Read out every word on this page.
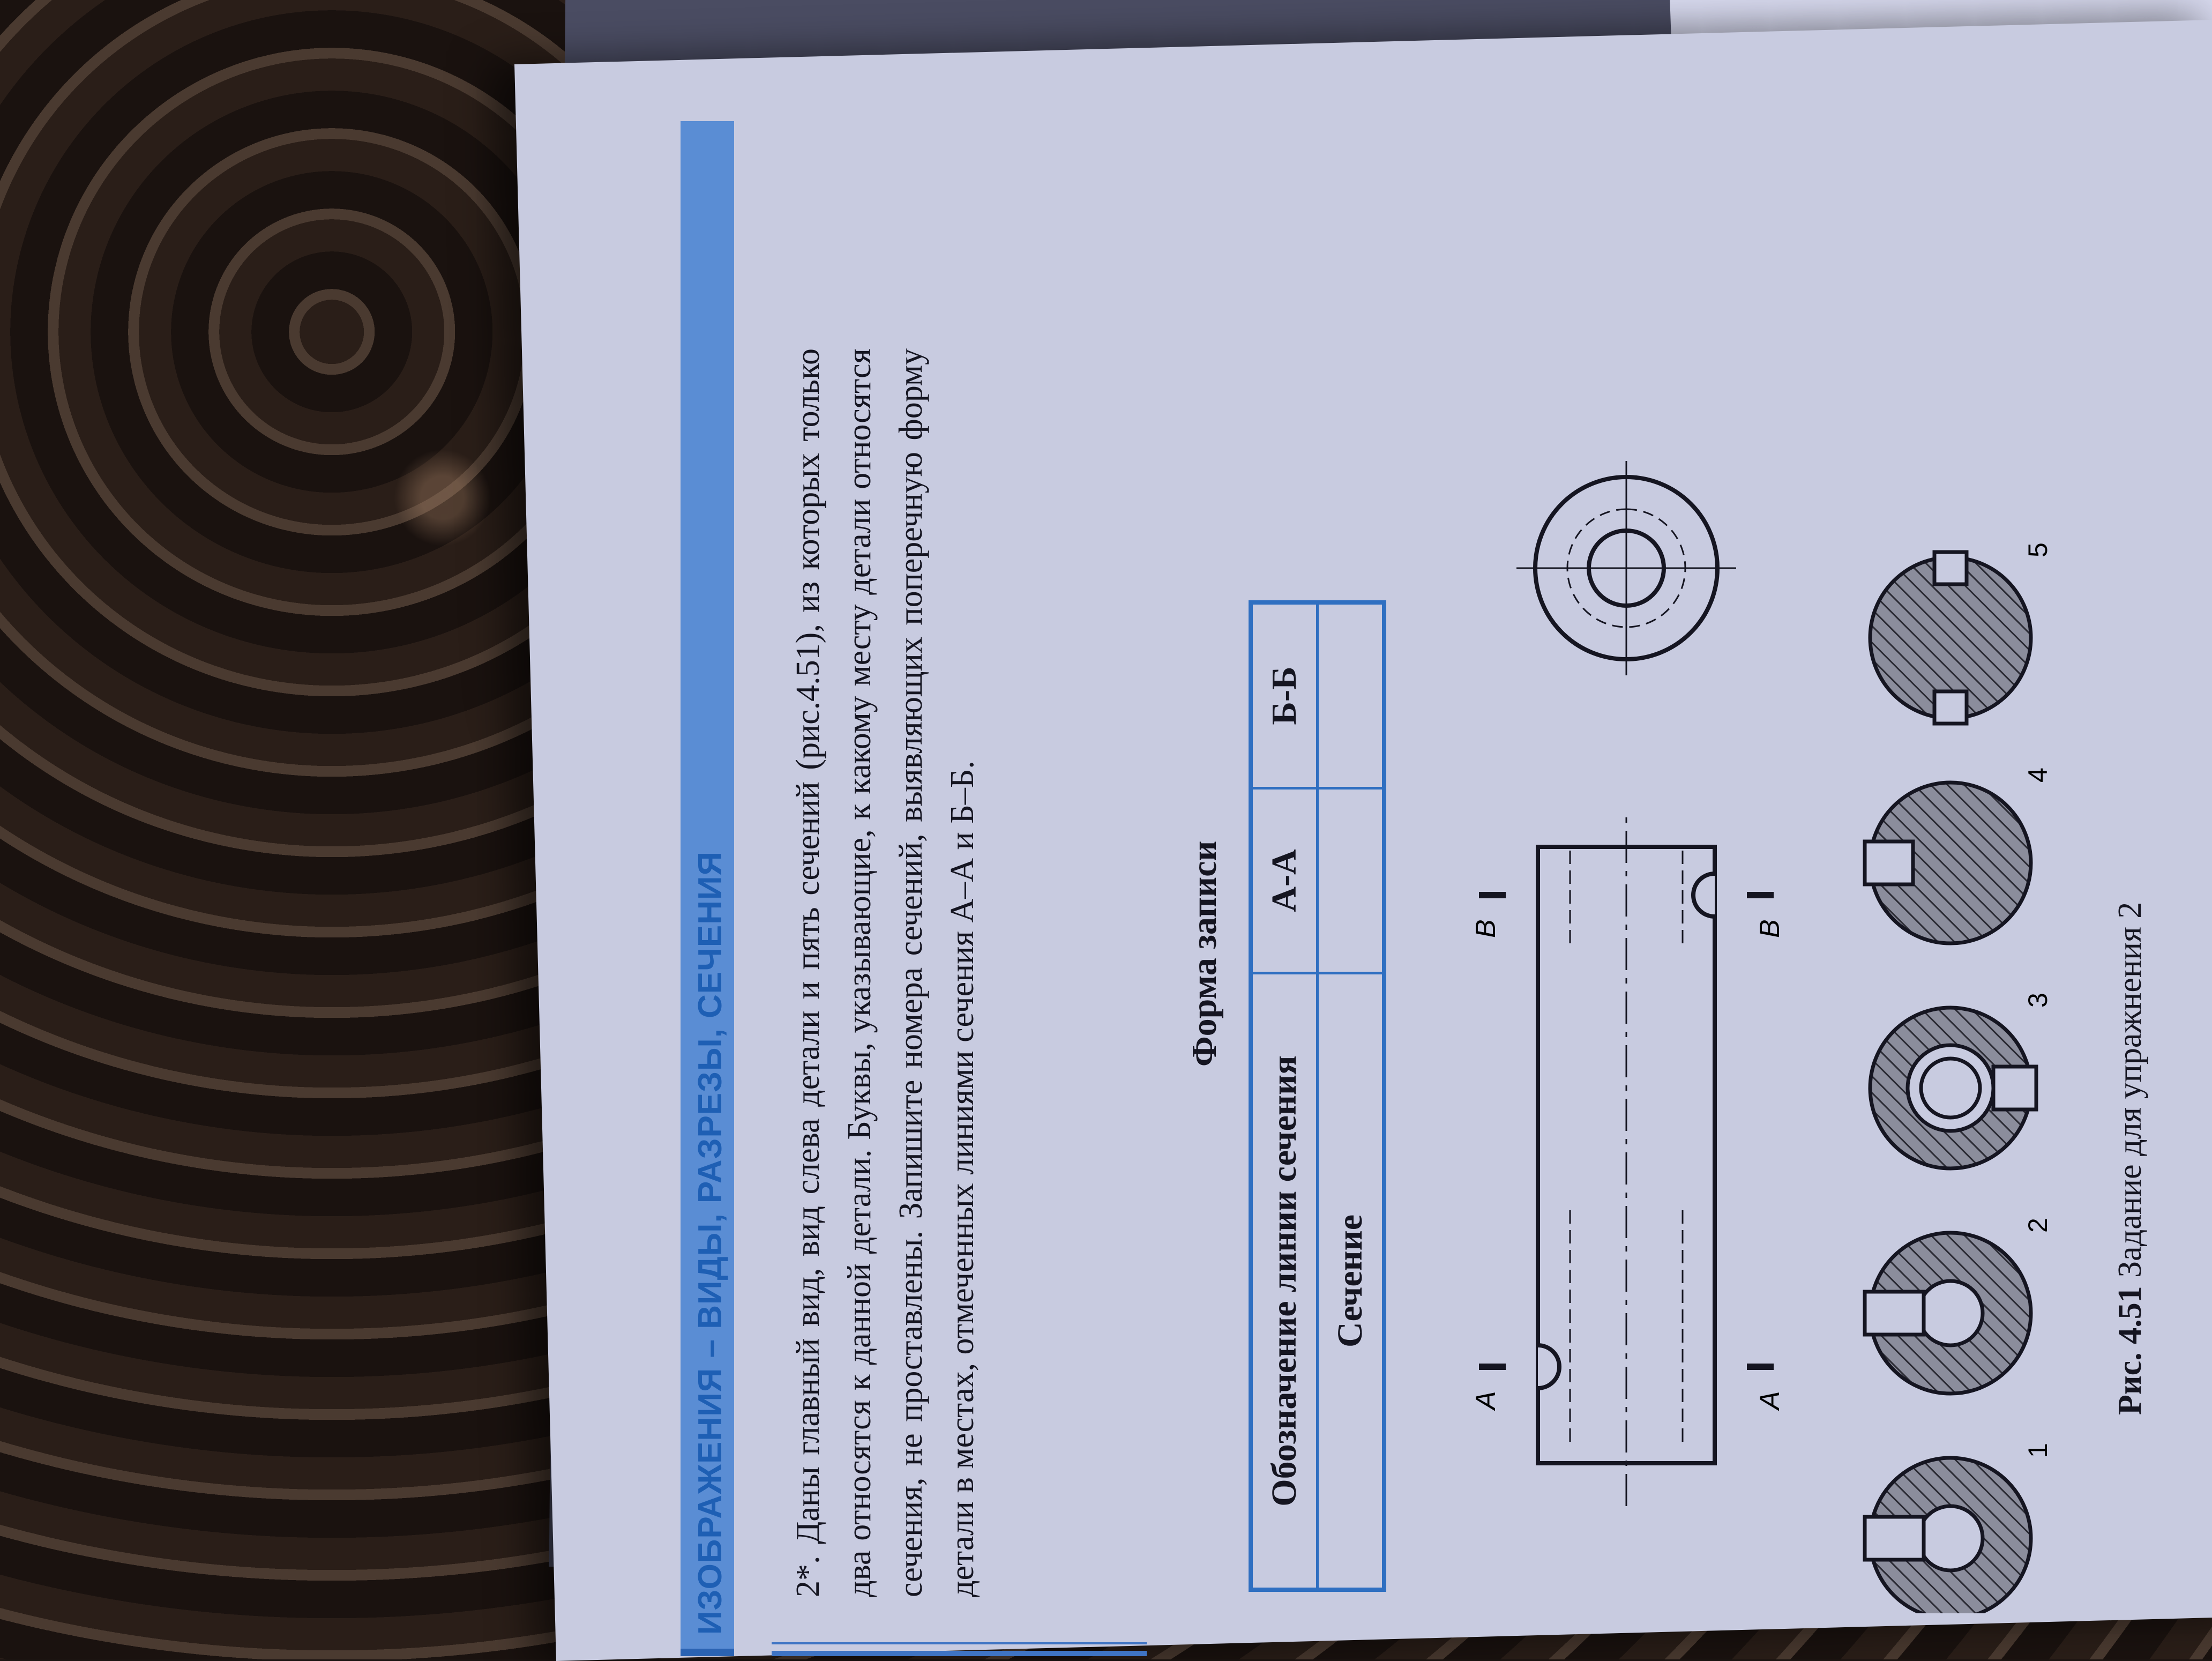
ИЗОБРАЖЕНИЯ – ВИДЫ, РАЗРЕЗЫ, СЕЧЕНИЯ 2*. Даны главный вид, вид слева детали и пять сечений (рис.4.51), из которых только два относятся к данной детали. Буквы, указывающие, к какому месту детали относятся сечения, не проставлены. Запишите номера сечений, выявляющих поперечную форму детали в местах, отмеченных линиями сечения А–А и Б–Б.	Форма записи
Обозначение линии сечения	А-А	Б-Б
Сечение		
А	А
В	В
1
2
3
4
5
Рис. 4.51 Задание для упражнения 2
